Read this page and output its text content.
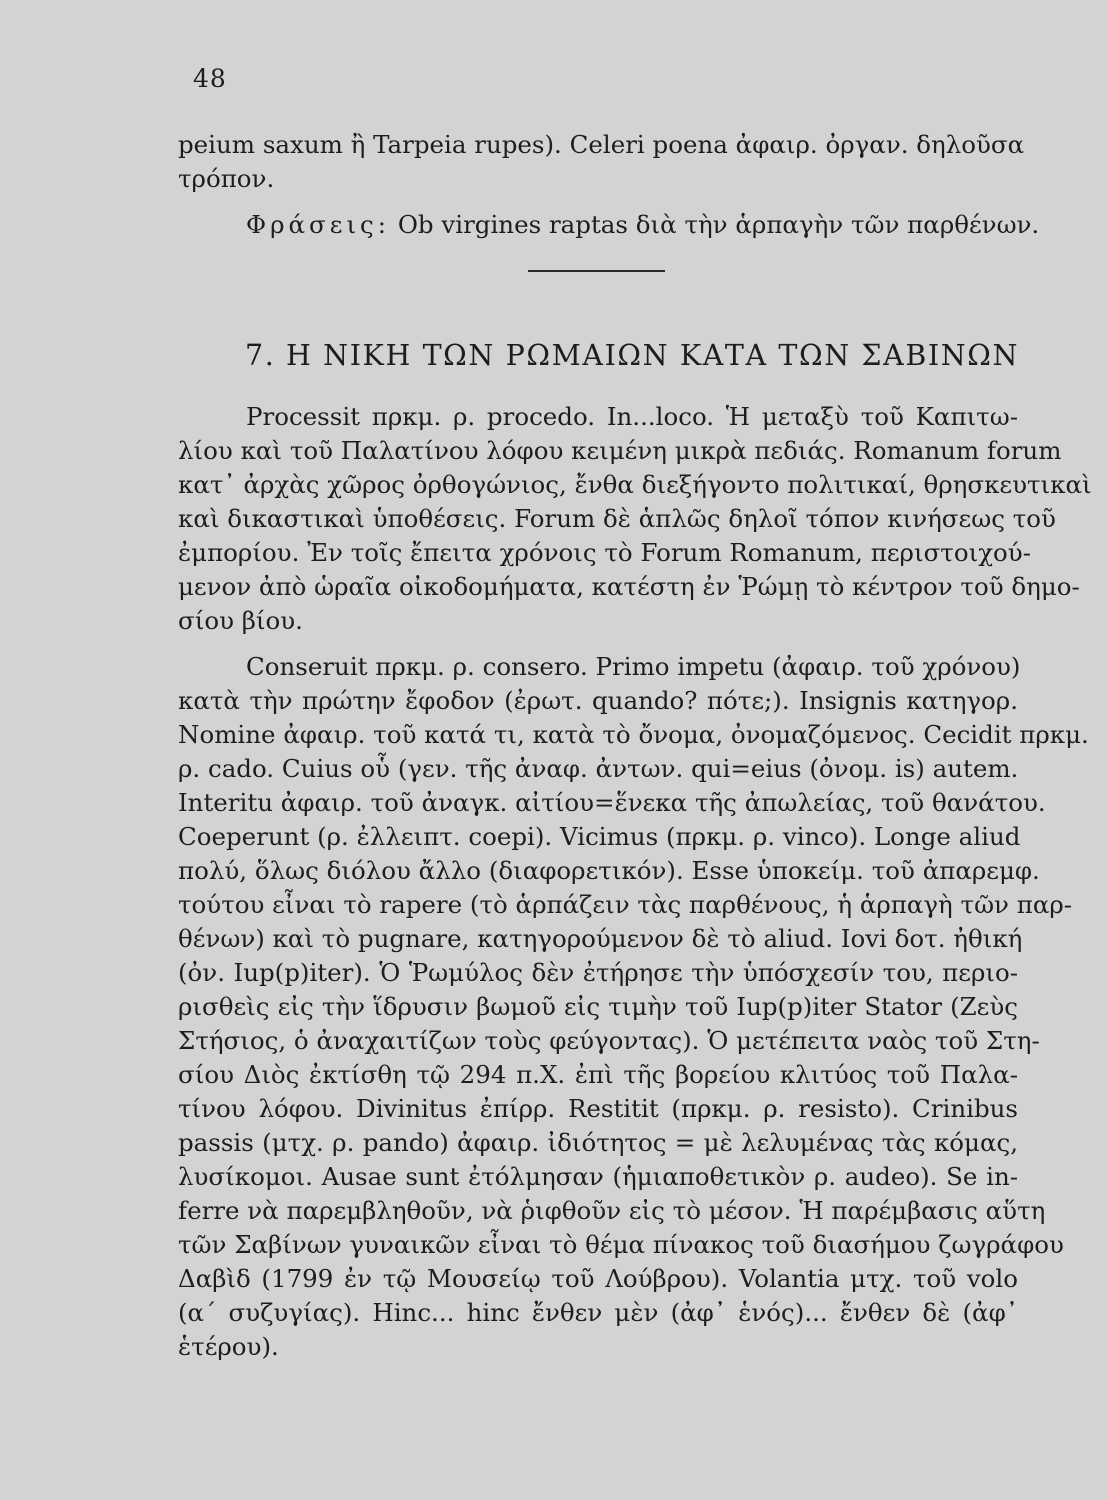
48
peium saxum ἢ Tarpeia rupes). Celeri poena ἀφαιρ. ὀργαν. δηλοῦσα
τρόπον.
Φράσεις: Ob virgines raptas διὰ τὴν ἁρπαγὴν τῶν παρθένων.
7. Η ΝΙΚΗ ΤΩΝ ΡΩΜΑΙΩΝ ΚΑΤΑ ΤΩΝ ΣΑΒΙΝΩΝ
Processit πρκμ. ρ. procedo. In...loco. Ἡ μεταξὺ τοῦ Καπιτω-
λίου καὶ τοῦ Παλατίνου λόφου κειμένη μικρὰ πεδιάς. Romanum forum
κατ᾽ ἀρχὰς χῶρος ὀρθογώνιος, ἔνθα διεξήγοντο πολιτικαί, θρησκευτικαὶ
καὶ δικαστικαὶ ὑποθέσεις. Forum δὲ ἁπλῶς δηλοῖ τόπον κινήσεως τοῦ
ἐμπορίου. Ἐν τοῖς ἔπειτα χρόνοις τὸ Forum Romanum, περιστοιχού-
μενον ἀπὸ ὡραῖα οἰκοδομήματα, κατέστη ἐν Ῥώμῃ τὸ κέντρον τοῦ δημο-
σίου βίου.
Conseruit πρκμ. ρ. consero. Primo impetu (ἀφαιρ. τοῦ χρόνου)
κατὰ τὴν πρώτην ἔφοδον (ἐρωτ. quando? πότε;). Insignis κατηγορ.
Nomine ἀφαιρ. τοῦ κατά τι, κατὰ τὸ ὄνομα, ὀνομαζόμενος. Cecidit πρκμ.
ρ. cado. Cuius οὗ (γεν. τῆς ἀναφ. ἀντων. qui=eius (ὀνομ. is) autem.
Interitu ἀφαιρ. τοῦ ἀναγκ. αἰτίου=ἕνεκα τῆς ἀπωλείας, τοῦ θανάτου.
Coeperunt (ρ. ἐλλειπτ. coepi). Vicimus (πρκμ. ρ. vinco). Longe aliud
πολύ, ὅλως διόλου ἄλλο (διαφορετικόν). Esse ὑποκείμ. τοῦ ἀπαρεμφ.
τούτου εἶναι τὸ rapere (τὸ ἁρπάζειν τὰς παρθένους, ἡ ἁρπαγὴ τῶν παρ-
θένων) καὶ τὸ pugnare, κατηγορούμενον δὲ τὸ aliud. Iovi δοτ. ἠθική
(ὀν. Iup(p)iter). Ὁ Ῥωμύλος δὲν ἐτήρησε τὴν ὑπόσχεσίν του, περιο-
ρισθεὶς εἰς τὴν ἵδρυσιν βωμοῦ εἰς τιμὴν τοῦ Iup(p)iter Stator (Ζεὺς
Στήσιος, ὁ ἀναχαιτίζων τοὺς φεύγοντας). Ὁ μετέπειτα ναὸς τοῦ Στη-
σίου Διὸς ἐκτίσθη τῷ 294 π.Χ. ἐπὶ τῆς βορείου κλιτύος τοῦ Παλα-
τίνου λόφου. Divinitus ἐπίρρ. Restitit (πρκμ. ρ. resisto). Crinibus
passis (μτχ. ρ. pando) ἀφαιρ. ἰδιότητος = μὲ λελυμένας τὰς κόμας,
λυσίκομοι. Ausae sunt ἐτόλμησαν (ἡμιαποθετικὸν ρ. audeo). Se in-
ferre νὰ παρεμβληθοῦν, νὰ ῥιφθοῦν εἰς τὸ μέσον. Ἡ παρέμβασις αὕτη
τῶν Σαβίνων γυναικῶν εἶναι τὸ θέμα πίνακος τοῦ διασήμου ζωγράφου
Δαβὶδ (1799 ἐν τῷ Μουσείῳ τοῦ Λούβρου). Volantia μτχ. τοῦ volo
(α΄ συζυγίας). Hinc... hinc ἔνθεν μὲν (ἀφ᾽ ἑνός)... ἔνθεν δὲ (ἀφ᾽
ἑτέρου).
